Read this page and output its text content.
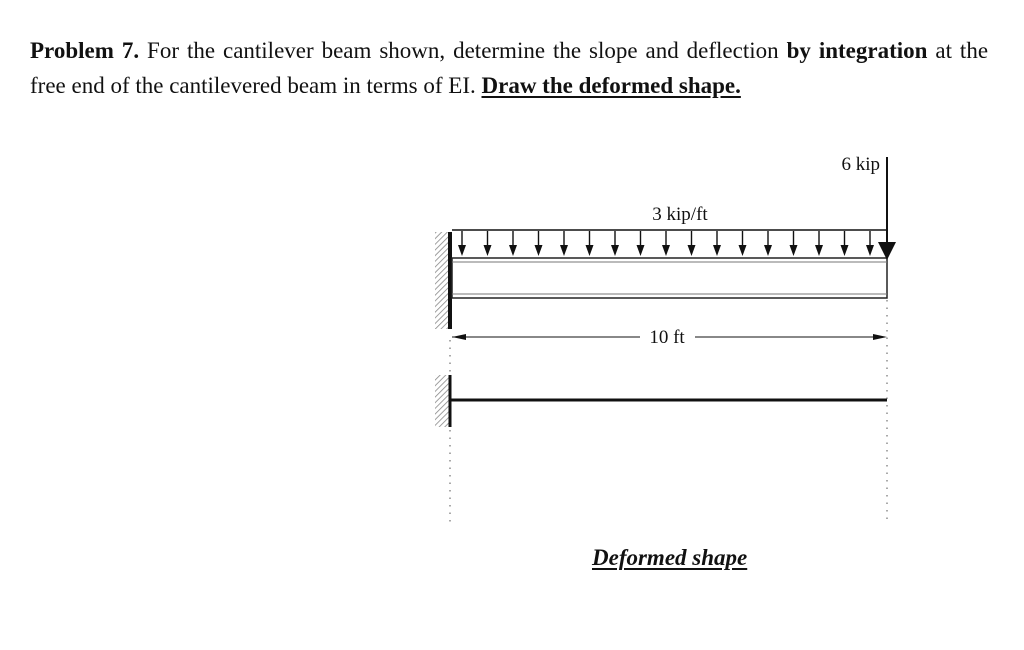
Problem 7. For the cantilever beam shown, determine the slope and deflection by integration at the free end of the cantilevered beam in terms of EI. Draw the deformed shape.

3 kip/ft
6 kip
10 ft
Deformed shape
